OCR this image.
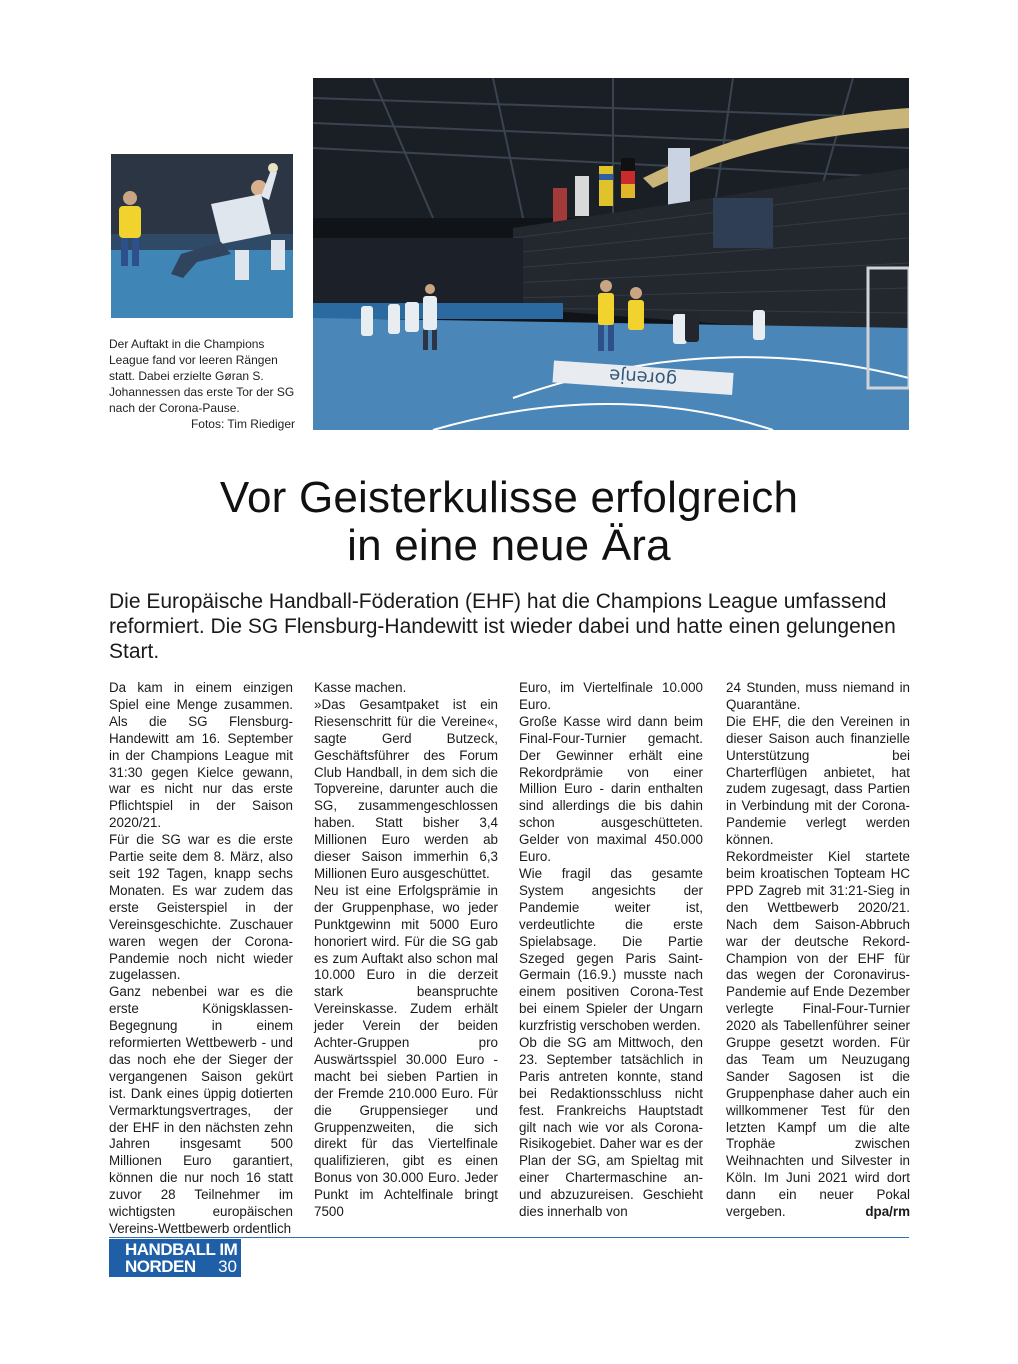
gorenje
Der Auftakt in die Champions League fand vor leeren Rängen statt. Dabei erzielte Gøran S. Johannessen das erste Tor der SG nach der Corona-Pause.
Fotos: Tim Riediger
Vor Geisterkulisse erfolgreich
in eine neue Ära
Die Europäische Handball-Föderation (EHF) hat die Champions League umfassend reformiert. Die SG Flensburg-Handewitt ist wieder dabei und hatte einen gelungenen Start.

Da kam in einem einzigen Spiel eine Menge zusammen. Als die SG Flensburg-Handewitt am 16. September in der Champions League mit 31:30 gegen Kielce gewann, war es nicht nur das erste Pflichtspiel in der Saison 2020/21.

Für die SG war es die erste Partie seite dem 8. März, also seit 192 Tagen, knapp sechs Monaten. Es war zudem das erste Geisterspiel in der Vereinsgeschichte. Zuschauer waren wegen der Corona-Pandemie noch nicht wieder zugelassen.

Ganz nebenbei war es die erste Königsklassen-Begegnung in einem reformierten Wettbewerb - und das noch ehe der Sieger der vergangenen Saison gekürt ist. Dank eines üppig dotierten Vermarktungsvertrages, der der EHF in den nächsten zehn Jahren insgesamt 500 Millionen Euro garantiert, können die nur noch 16 statt zuvor 28 Teilnehmer im wichtigsten europäischen Vereins-Wettbewerb ordentlich

Kasse machen.

»Das Gesamtpaket ist ein Riesenschritt für die Vereine«, sagte Gerd Butzeck, Geschäftsführer des Forum Club Handball, in dem sich die Topvereine, darunter auch die SG, zusammengeschlossen haben. Statt bisher 3,4 Millionen Euro werden ab dieser Saison immerhin 6,3 Millionen Euro ausgeschüttet.

Neu ist eine Erfolgsprämie in der Gruppenphase, wo jeder Punktgewinn mit 5000 Euro honoriert wird. Für die SG gab es zum Auftakt also schon mal 10.000 Euro in die derzeit stark beanspruchte Vereinskasse. Zudem erhält jeder Verein der beiden Achter-Gruppen pro Auswärtsspiel 30.000 Euro - macht bei sieben Partien in der Fremde 210.000 Euro. Für die Gruppensieger und Gruppenzweiten, die sich direkt für das Viertelfinale qualifizieren, gibt es einen Bonus von 30.000 Euro. Jeder Punkt im Achtelfinale bringt 7500

Euro, im Viertelfinale 10.000 Euro.

Große Kasse wird dann beim Final-Four-Turnier gemacht. Der Gewinner erhält eine Rekordprämie von einer Million Euro - darin enthalten sind allerdings die bis dahin schon ausgeschütteten. Gelder von maximal 450.000 Euro.

Wie fragil das gesamte System angesichts der Pandemie weiter ist, verdeutlichte die erste Spielabsage. Die Partie Szeged gegen Paris Saint-Germain (16.9.) musste nach einem positiven Corona-Test bei einem Spieler der Ungarn kurzfristig verschoben werden.

Ob die SG am Mittwoch, den 23. September tatsächlich in Paris antreten konnte, stand bei Redaktionsschluss nicht fest. Frankreichs Hauptstadt gilt nach wie vor als Corona-Risikogebiet. Daher war es der Plan der SG, am Spieltag mit einer Chartermaschine an- und abzuzureisen. Geschieht dies innerhalb von

24 Stunden, muss niemand in Quarantäne.

Die EHF, die den Vereinen in dieser Saison auch finanzielle Unterstützung bei Charterflügen anbietet, hat zudem zugesagt, dass Partien in Verbindung mit der Corona-Pandemie verlegt werden können.

Rekordmeister Kiel startete beim kroatischen Topteam HC PPD Zagreb mit 31:21-Sieg in den Wettbewerb 2020/21. Nach dem Saison-Abbruch war der deutsche Rekord-Champion von der EHF für das wegen der Coronavirus-Pandemie auf Ende Dezember verlegte Final-Four-Turnier 2020 als Tabellenführer seiner Gruppe gesetzt worden. Für das Team um Neuzugang Sander Sagosen ist die Gruppenphase daher auch ein willkommener Test für den letzten Kampf um die alte Trophäe zwischen Weihnachten und Silvester in Köln. Im Juni 2021 wird dort dann ein neuer Pokal vergeben.	dpa/rm

HANDBALL IM
NORDEN 30
